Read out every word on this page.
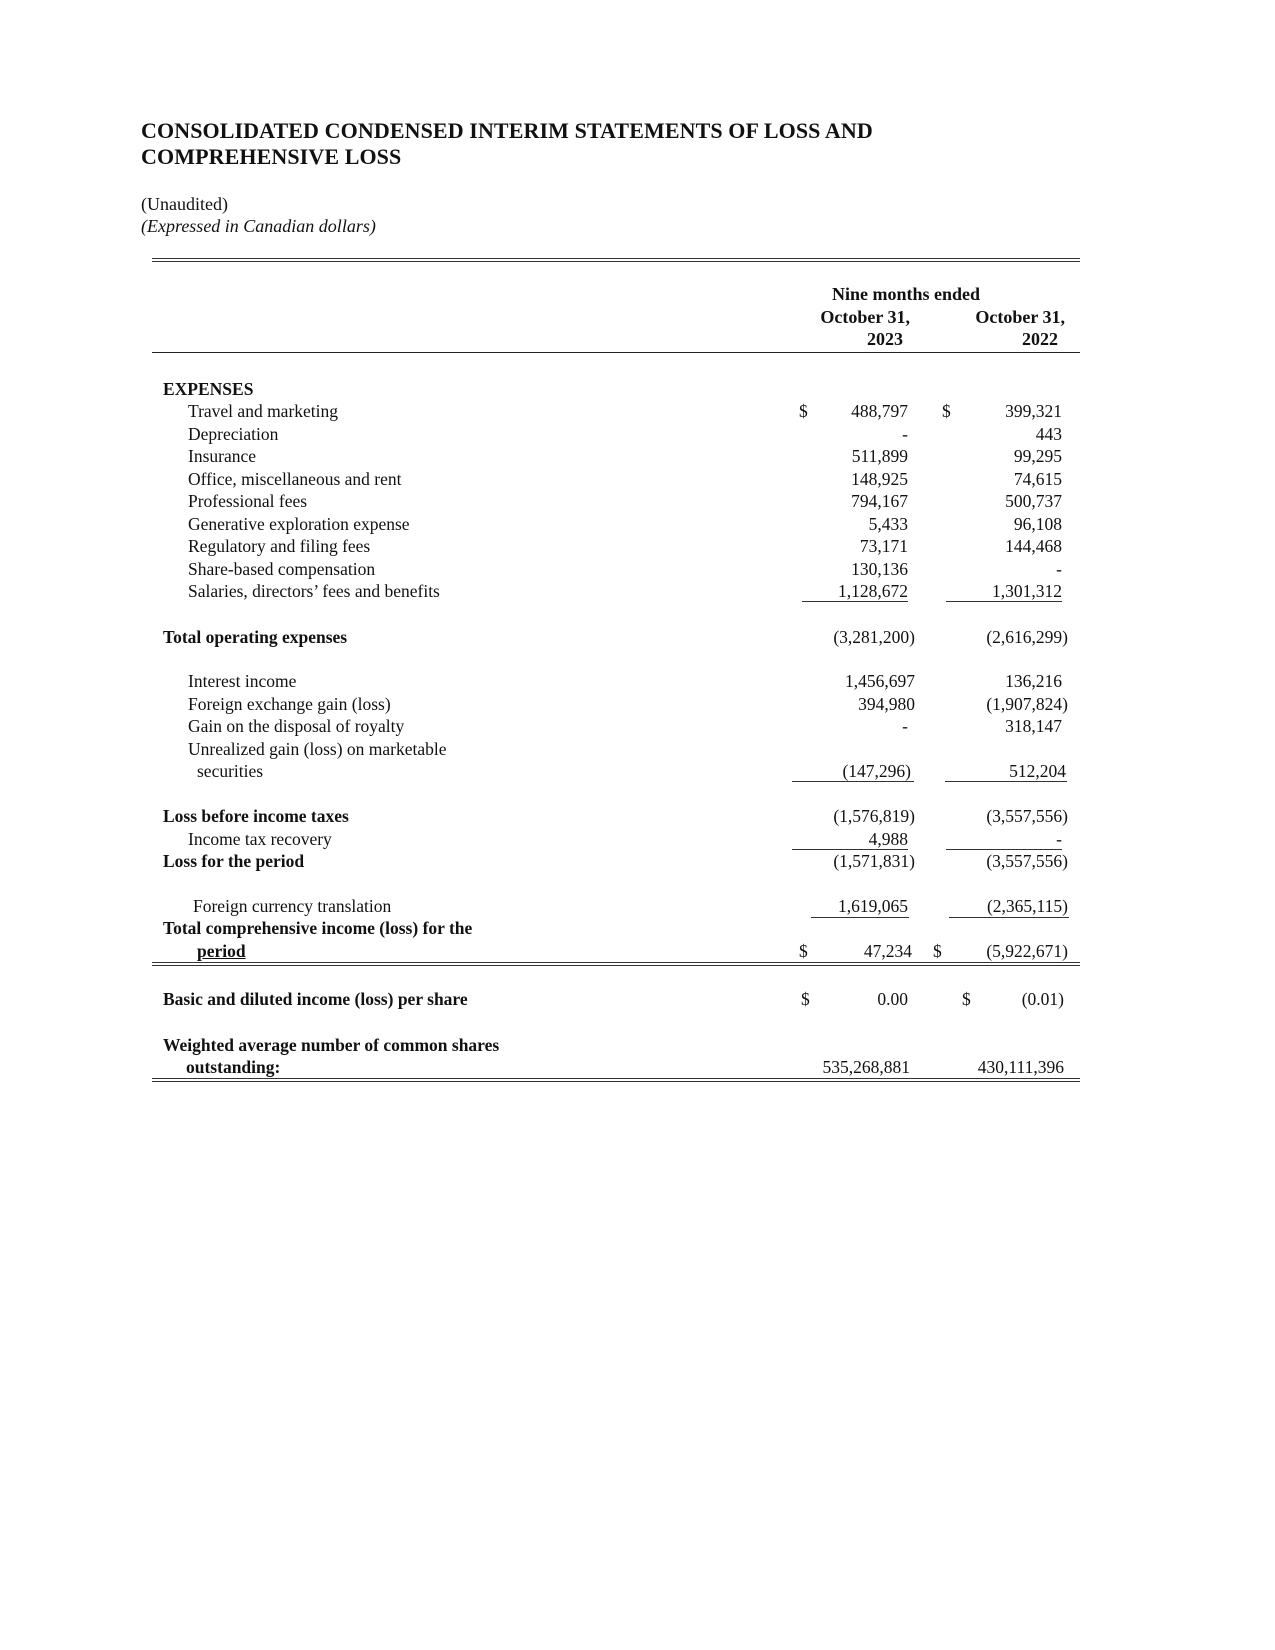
CONSOLIDATED CONDENSED INTERIM STATEMENTS OF LOSS AND
COMPREHENSIVE LOSS
(Unaudited)
(Expressed in Canadian dollars)
Nine months ended
October 31,
2023
October 31,
2022
EXPENSES
$	$
Travel and marketing	488,797	399,321
Depreciation	-	443
Insurance	511,899	99,295
Office, miscellaneous and rent	148,925	74,615
Professional fees	794,167	500,737
Generative exploration expense	5,433	96,108
Regulatory and filing fees	73,171	144,468
Share-based compensation	130,136	-
Salaries, directors’ fees and benefits	1,128,672	1,301,312
Total operating expenses	(3,281,200)	(2,616,299)
Interest income	1,456,697	136,216
Foreign exchange gain (loss)	394,980	(1,907,824)
Gain on the disposal of royalty	-	318,147
Unrealized gain (loss) on marketable
securities	(147,296)	512,204
Loss before income taxes	(1,576,819)	(3,557,556)
Income tax recovery	4,988	-
Loss for the period	(1,571,831)	(3,557,556)
Foreign currency translation	1,619,065	(2,365,115)
Total comprehensive income (loss) for the
period	$	47,234 $	(5,922,671)
Basic and diluted income (loss) per share	$	0.00	$	(0.01)
Weighted average number of common shares
outstanding:	535,268,881	430,111,396
